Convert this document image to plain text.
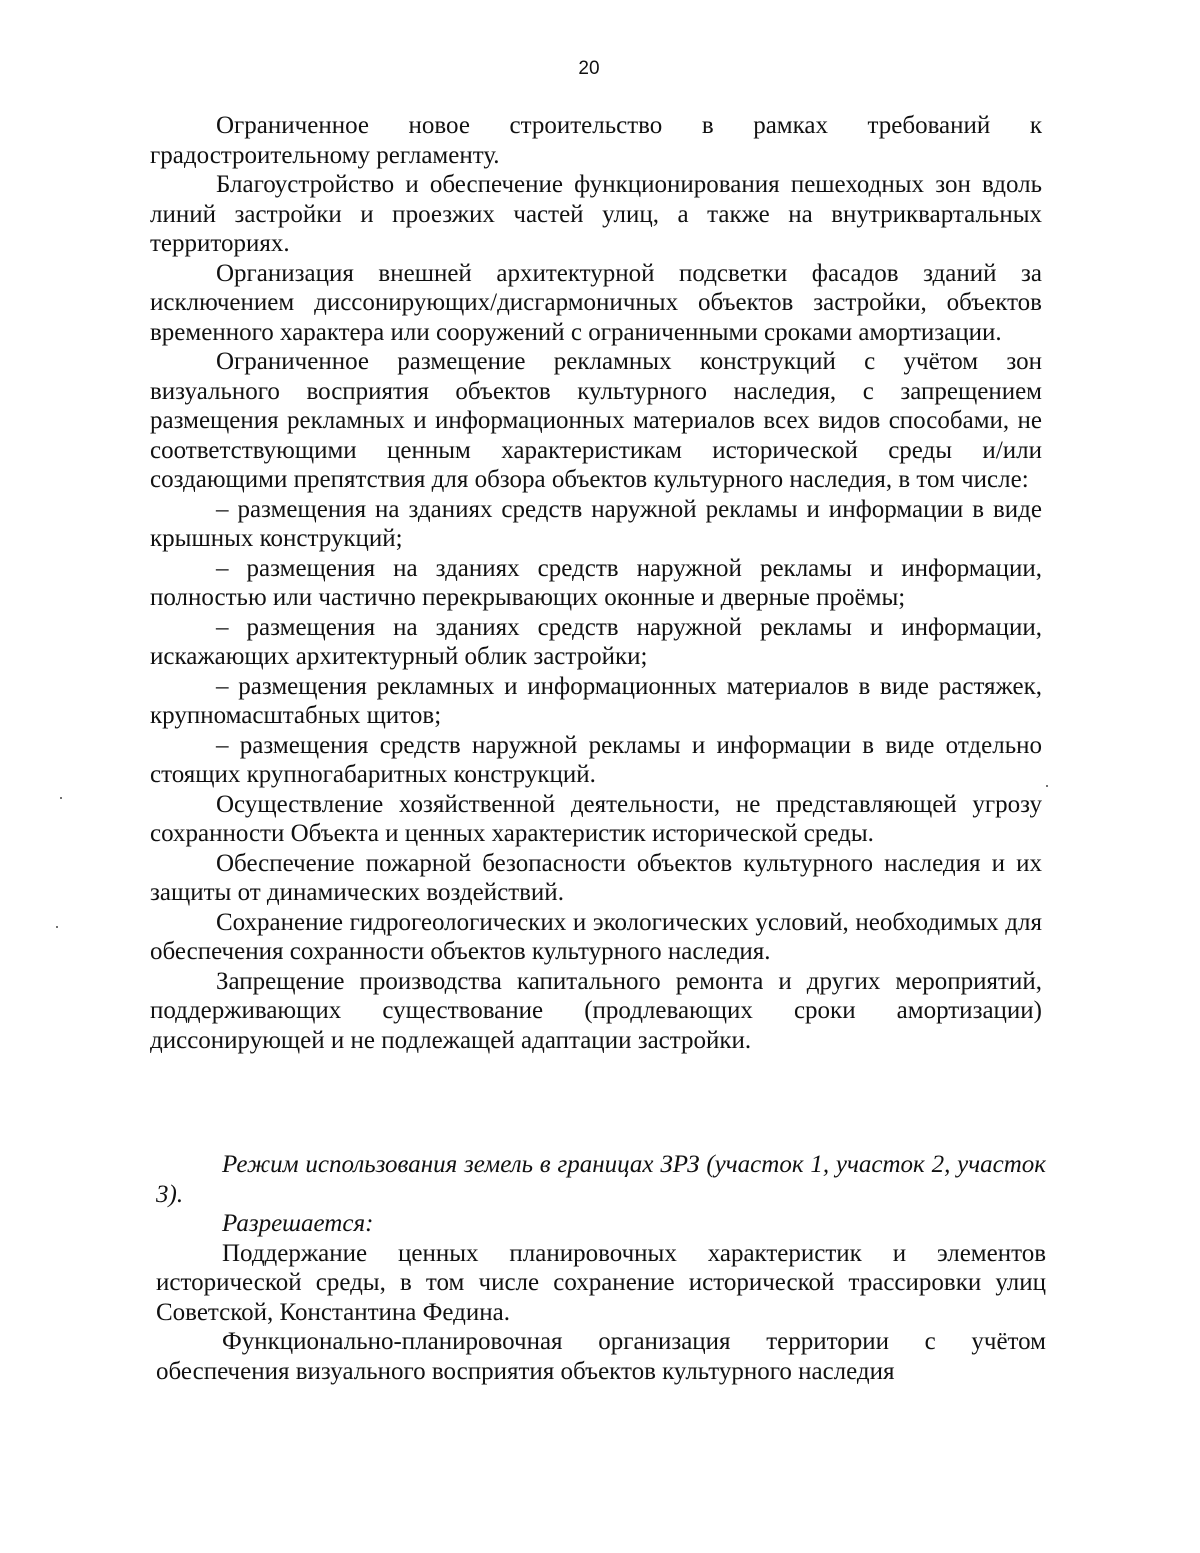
20

Ограниченное новое строительство в рамках требований к градостроительному регламенту.

Благоустройство и обеспечение функционирования пешеходных зон вдоль линий застройки и проезжих частей улиц, а также на внутриквартальных территориях.

Организация внешней архитектурной подсветки фасадов зданий за исключением диссонирующих/дисгармоничных объектов застройки, объектов временного характера или сооружений с ограниченными сроками амортизации.

Ограниченное размещение рекламных конструкций с учётом зон визуального восприятия объектов культурного наследия, с запрещением размещения рекламных и информационных материалов всех видов способами, не соответствующими ценным характеристикам исторической среды и/или создающими препятствия для обзора объектов культурного наследия, в том числе:

– размещения на зданиях средств наружной рекламы и информации в виде крышных конструкций;

– размещения на зданиях средств наружной рекламы и информации, полностью или частично перекрывающих оконные и дверные проёмы;

– размещения на зданиях средств наружной рекламы и информации, искажающих архитектурный облик застройки;

– размещения рекламных и информационных материалов в виде растяжек, крупномасштабных щитов;

– размещения средств наружной рекламы и информации в виде отдельно стоящих крупногабаритных конструкций.

Осуществление хозяйственной деятельности, не представляющей угрозу сохранности Объекта и ценных характеристик исторической среды.

Обеспечение пожарной безопасности объектов культурного наследия и их защиты от динамических воздействий.

Сохранение гидрогеологических и экологических условий, необходимых для обеспечения сохранности объектов культурного наследия.

Запрещение производства капитального ремонта и других мероприятий, поддерживающих существование (продлевающих сроки амортизации) диссонирующей и не подлежащей адаптации застройки.

Режим использования земель в границах ЗРЗ (участок 1, участок 2, участок 3).

Разрешается:

Поддержание ценных планировочных характеристик и элементов исторической среды, в том числе сохранение исторической трассировки улиц Советской, Константина Федина.

Функционально-планировочная организация территории с учётом обеспечения визуального восприятия объектов культурного наследия
